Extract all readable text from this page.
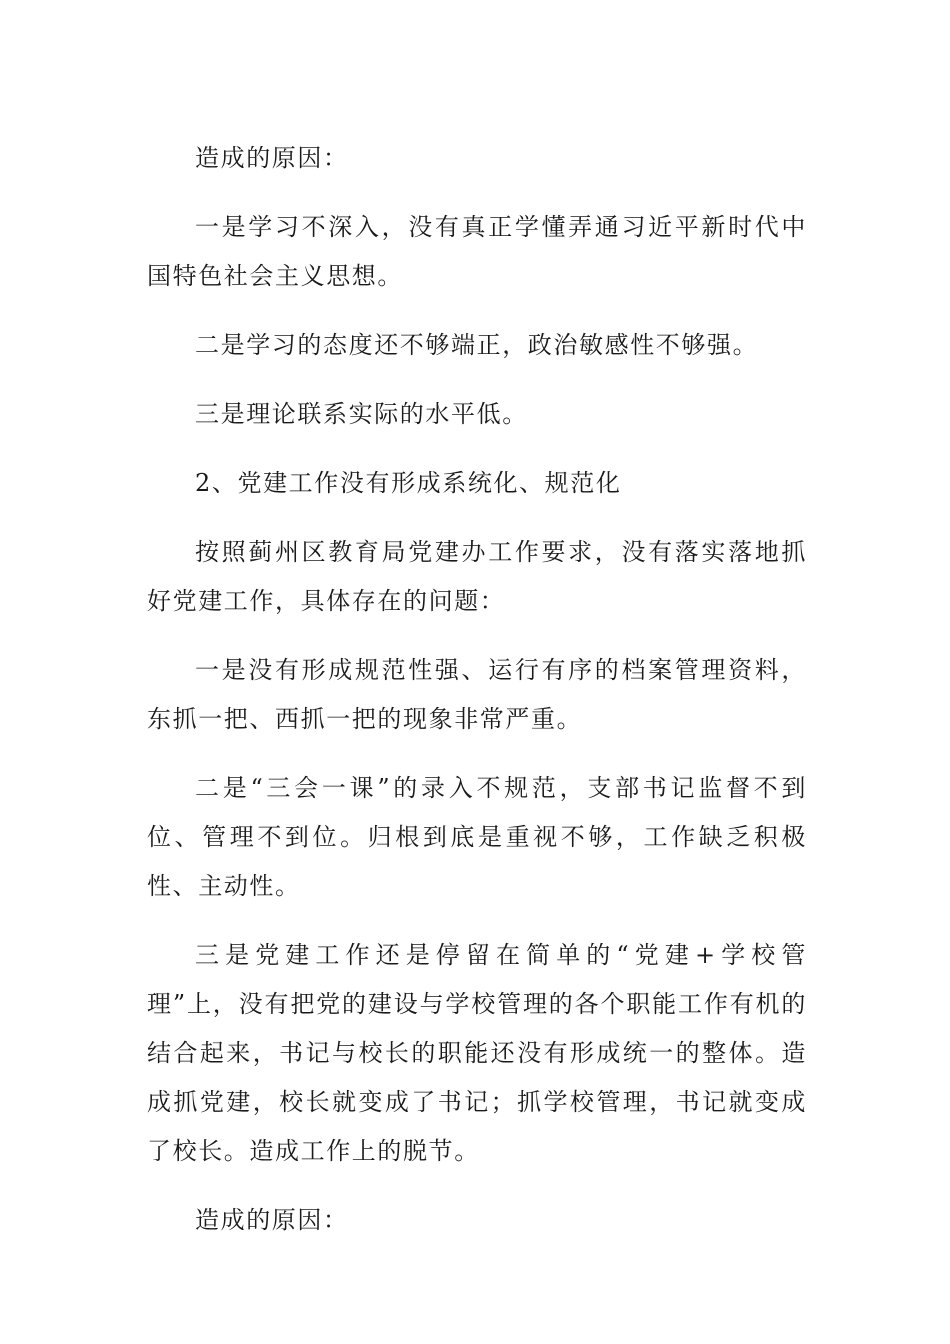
造成的原因：

一是学习不深入，没有真正学懂弄通习近平新时代中国特色社会主义思想。

二是学习的态度还不够端正，政治敏感性不够强。

三是理论联系实际的水平低。

2、党建工作没有形成系统化、规范化

按照蓟州区教育局党建办工作要求，没有落实落地抓好党建工作，具体存在的问题：

一是没有形成规范性强、运行有序的档案管理资料，东抓一把、西抓一把的现象非常严重。

二是“三会一课”的录入不规范，支部书记监督不到位、管理不到位。归根到底是重视不够，工作缺乏积极性、主动性。

三是党建工作还是停留在简单的“党建+学校管理”上，没有把党的建设与学校管理的各个职能工作有机的结合起来，书记与校长的职能还没有形成统一的整体。造成抓党建，校长就变成了书记；抓学校管理，书记就变成了校长。造成工作上的脱节。

造成的原因：
